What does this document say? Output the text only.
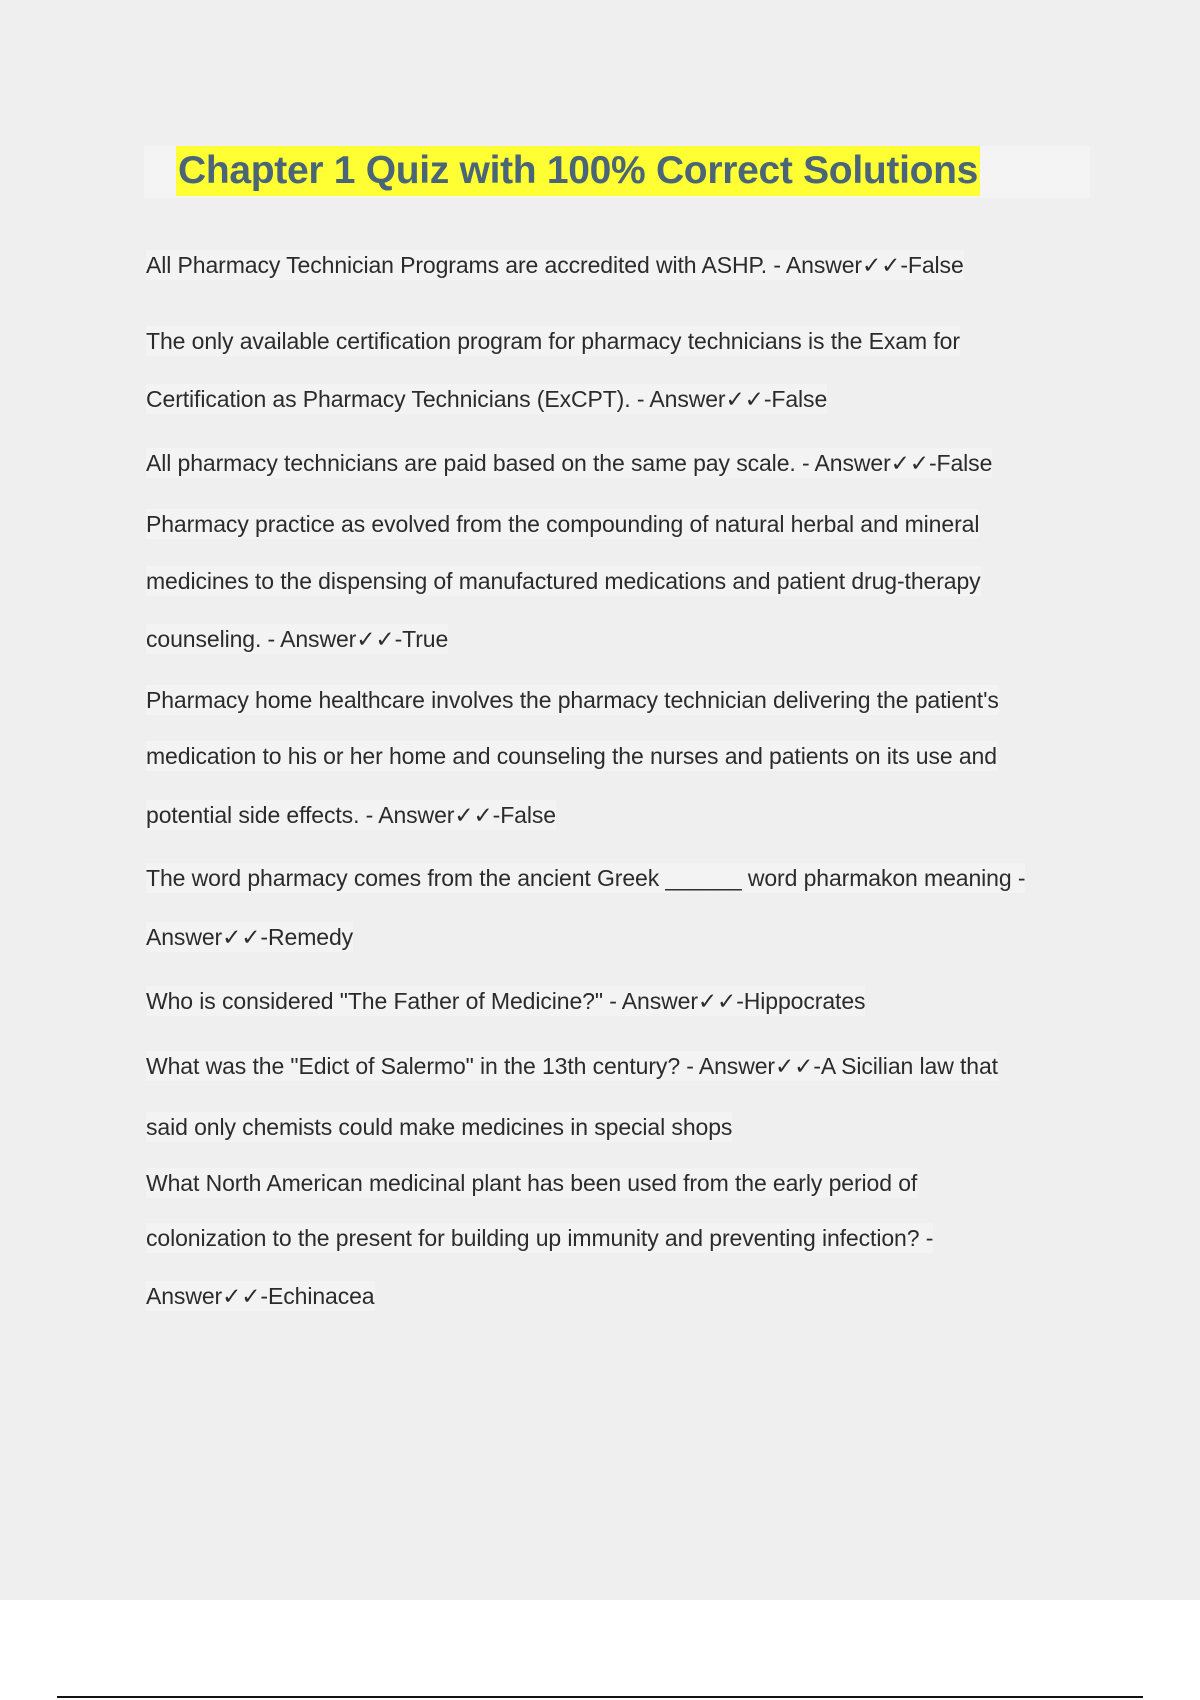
Chapter 1 Quiz with 100% Correct Solutions
All Pharmacy Technician Programs are accredited with ASHP. - Answer✓✓-False
The only available certification program for pharmacy technicians is the Exam for
Certification as Pharmacy Technicians (ExCPT). - Answer✓✓-False
All pharmacy technicians are paid based on the same pay scale. - Answer✓✓-False
Pharmacy practice as evolved from the compounding of natural herbal and mineral
medicines to the dispensing of manufactured medications and patient drug-therapy
counseling. - Answer✓✓-True
Pharmacy home healthcare involves the pharmacy technician delivering the patient's
medication to his or her home and counseling the nurses and patients on its use and
potential side effects. - Answer✓✓-False
The word pharmacy comes from the ancient Greek ______ word pharmakon meaning -
Answer✓✓-Remedy
Who is considered "The Father of Medicine?" - Answer✓✓-Hippocrates
What was the "Edict of Salermo" in the 13th century? - Answer✓✓-A Sicilian law that
said only chemists could make medicines in special shops
What North American medicinal plant has been used from the early period of
colonization to the present for building up immunity and preventing infection? -
Answer✓✓-Echinacea
